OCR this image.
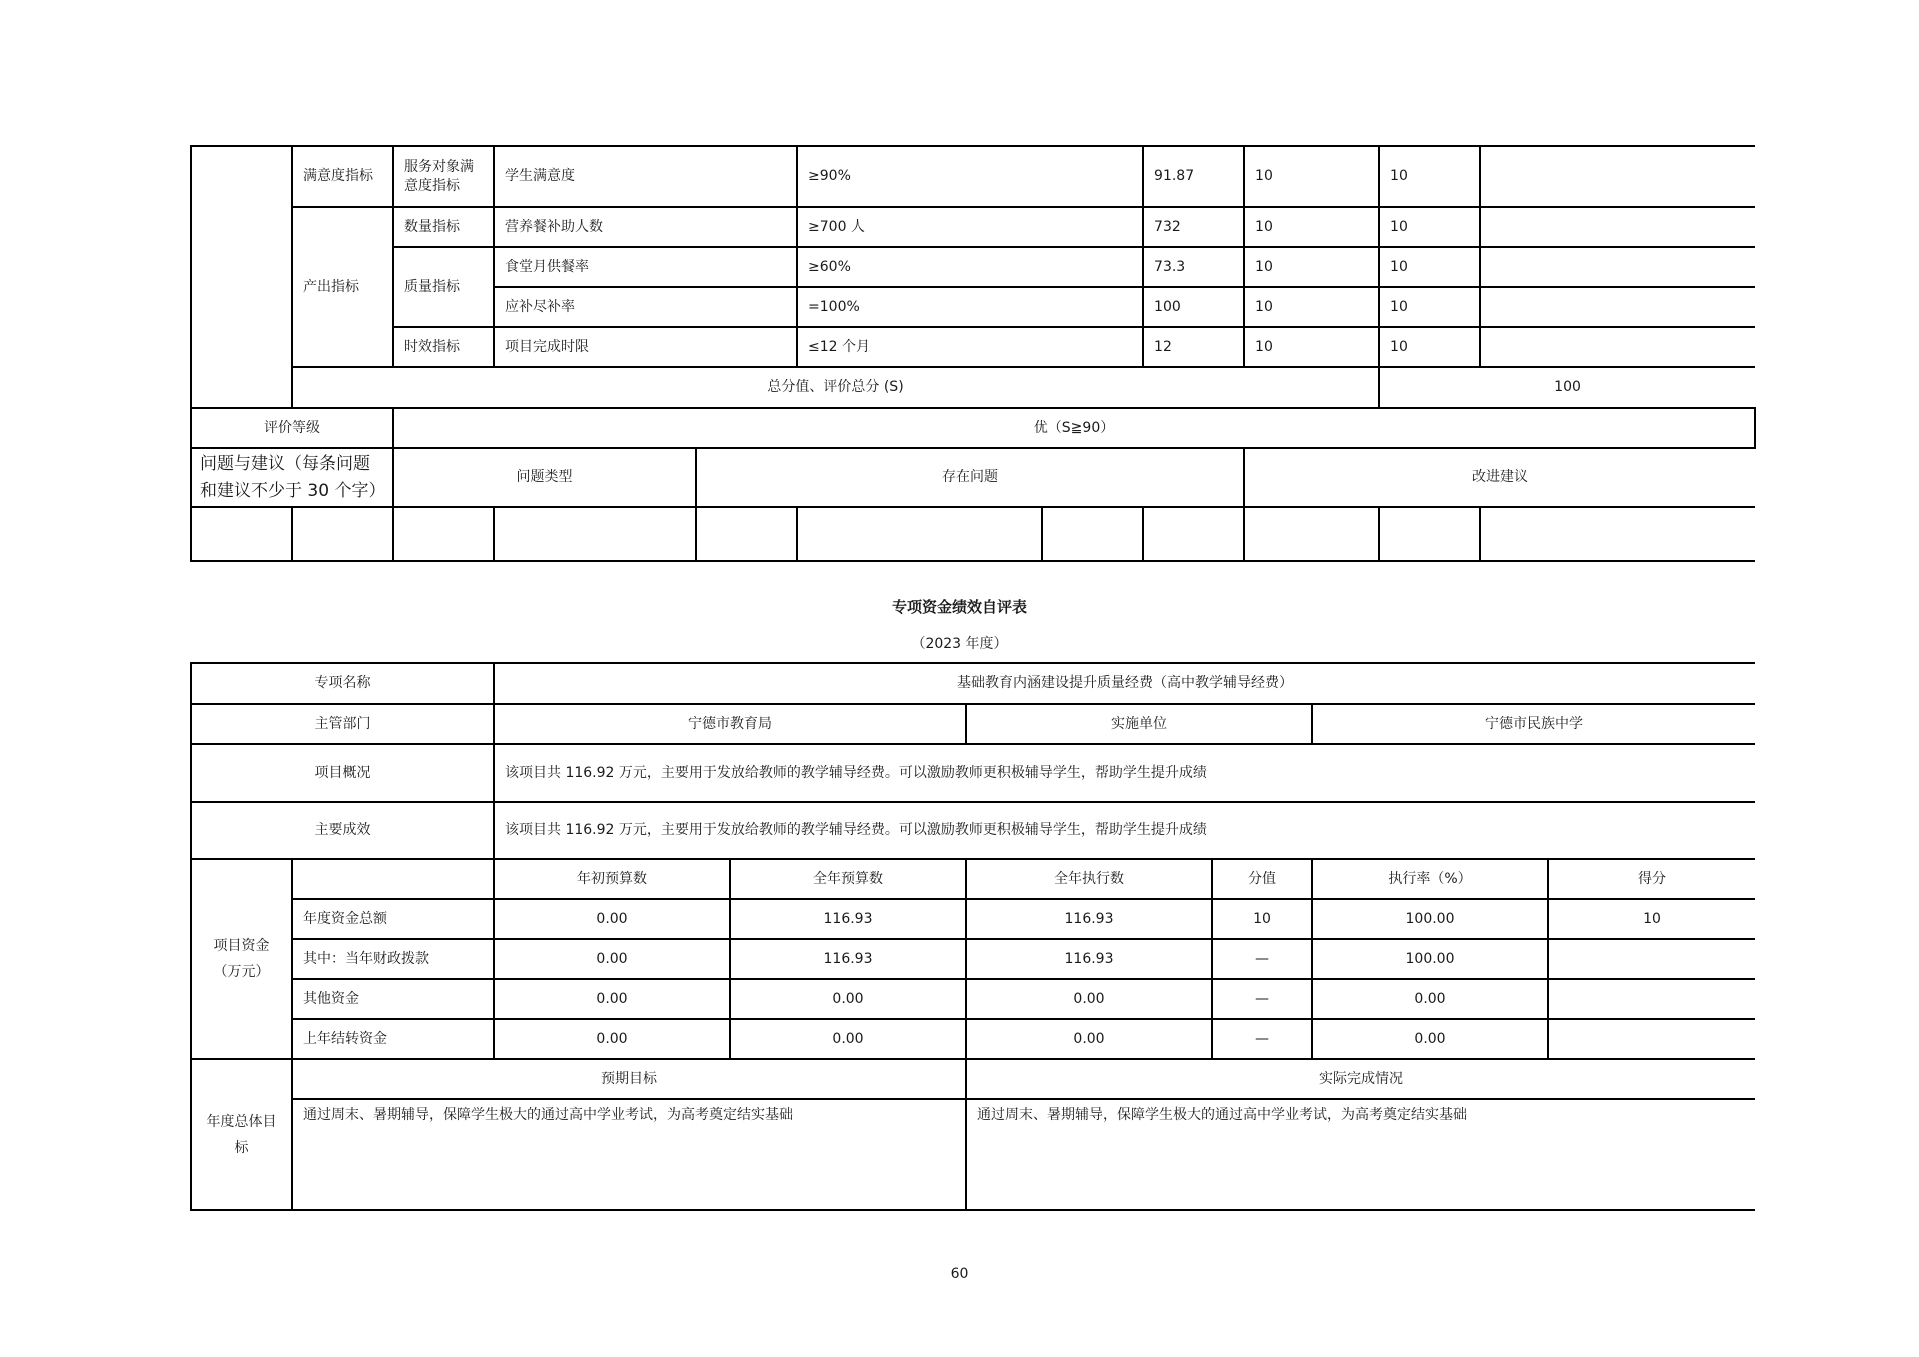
	满意度指标	服务对象满意度指标	学生满意度		≥90%		91.87	10	10	
	产出指标	数量指标	营养餐补助人数		≥700 人		732	10	10	
		质量指标	食堂月供餐率		≥60%		73.3	10	10	
			应补尽补率		=100%		100	10	10	
		时效指标	项目完成时限		≤12 个月		12	10	10	
	总分值、评价总分 (S)								100	
评价等级		优（S≧90）								
问题与建议（每条问题和建议不少于 30 个字）		问题类型		存在问题				改进建议		

专项资金绩效自评表
（2023 年度）
专项名称		基础教育内涵建设提升质量经费（高中教学辅导经费）					
主管部门		宁德市教育局		实施单位		宁德市民族中学	
项目概况		该项目共 116.92 万元，主要用于发放给教师的教学辅导经费。可以激励教师更积极辅导学生，帮助学生提升成绩					
主要成效		该项目共 116.92 万元，主要用于发放给教师的教学辅导经费。可以激励教师更积极辅导学生，帮助学生提升成绩					
项目资金（万元）		年初预算数	全年预算数	全年执行数	分值	执行率（%）	得分
	年度资金总额	0.00	116.93	116.93	10	100.00	10
	其中：当年财政拨款	0.00	116.93	116.93	—	100.00	
	其他资金	0.00	0.00	0.00	—	0.00	
	上年结转资金	0.00	0.00	0.00	—	0.00	
年度总体目标	预期目标			实际完成情况			
	通过周末、暑期辅导，保障学生极大的通过高中学业考试，为高考奠定结实基础			通过周末、暑期辅导，保障学生极大的通过高中学业考试，为高考奠定结实基础			
60
